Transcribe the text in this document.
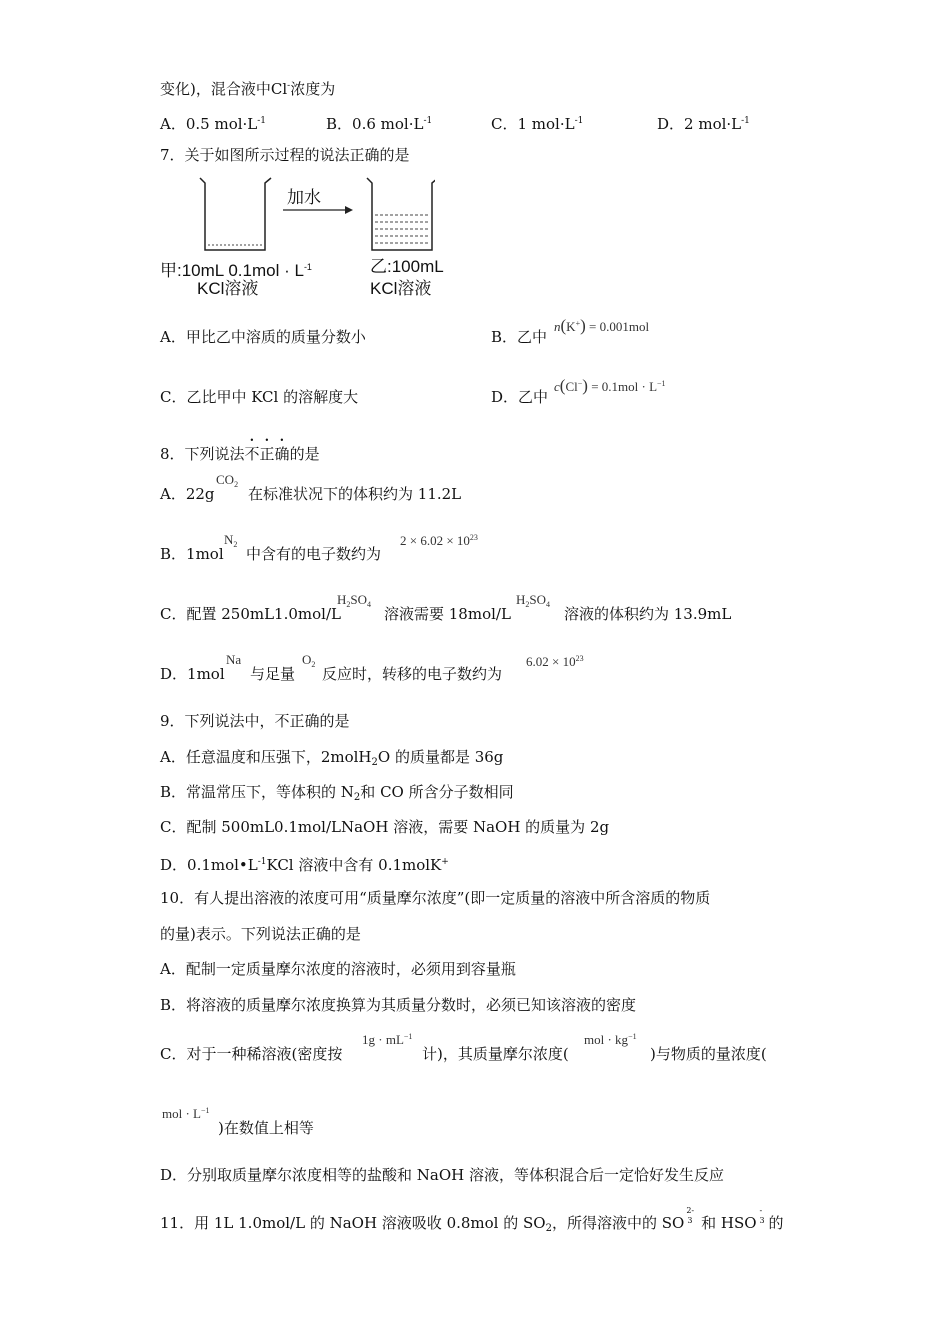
变化)，混合液中Cl-浓度为
A．0.5 $mol\cdot L^{-1}$	B．0.6 $mol\cdot L^{-1}$	C．1 $mol\cdot L^{-1}$	D．2 $mol\cdot L^{-1}$
7．关于如图所示过程的说法正确的是
加水
甲:10mL $0.1mol \cdot L^{-1}$
KCl溶液
乙:100mL
KCl溶液
A．甲比乙中溶质的质量分数小	B．乙中
n(K+) = 0.001mol
C．乙比甲中 KCl 的溶解度大	D．乙中
$c(Cl^-) = 0.1mol \cdot L^{-1}$
8．下列说法不正确的是
A．22g
$CO_2$
在标准状况下的体积约为 11.2L
B．1mol
$N_2$
中含有的电子数约为
$2 \times 6.02 \times 10^{23}$
C．配置 250mL1.0mol/L
$H_2SO_4$
溶液需要 18mol/L
$H_2SO_4$
溶液的体积约为 13.9mL
D．1mol
Na
与足量
$O_2$
反应时，转移的电子数约为
$6.02 \times 10^{23}$
9．下列说法中，不正确的是
A．任意温度和压强下，2molH$_2$O 的质量都是 36g
B．常温常压下，等体积的 $N_2$和 CO 所含分子数相同
C．配制 500mL0.1mol/LNaOH 溶液，需要 NaOH 的质量为 2g
D．$0.1mol•L^{-1}KCl$ 溶液中含有 0.1molK+
10．有人提出溶液的浓度可用“质量摩尔浓度”(即一定质量的溶液中所含溶质的物质
的量)表示。下列说法正确的是
A．配制一定质量摩尔浓度的溶液时，必须用到容量瓶
B．将溶液的质量摩尔浓度换算为其质量分数时，必须已知该溶液的密度
C．对于一种稀溶液(密度按
$1g \cdot mL^{-1}$
计)，其质量摩尔浓度(
mol · $kg^{-1}$
)与物质的量浓度(
mol · $L^{-1}$
)在数值上相等
D．分别取质量摩尔浓度相等的盐酸和 NaOH 溶液，等体积混合后一定恰好发生反应
11．用 1L 1.0mol/L 的 NaOH 溶液吸收 0.8mol 的 $SO_2$，所得溶液中的 SO
2-
3 和 HSO
-
3 的
